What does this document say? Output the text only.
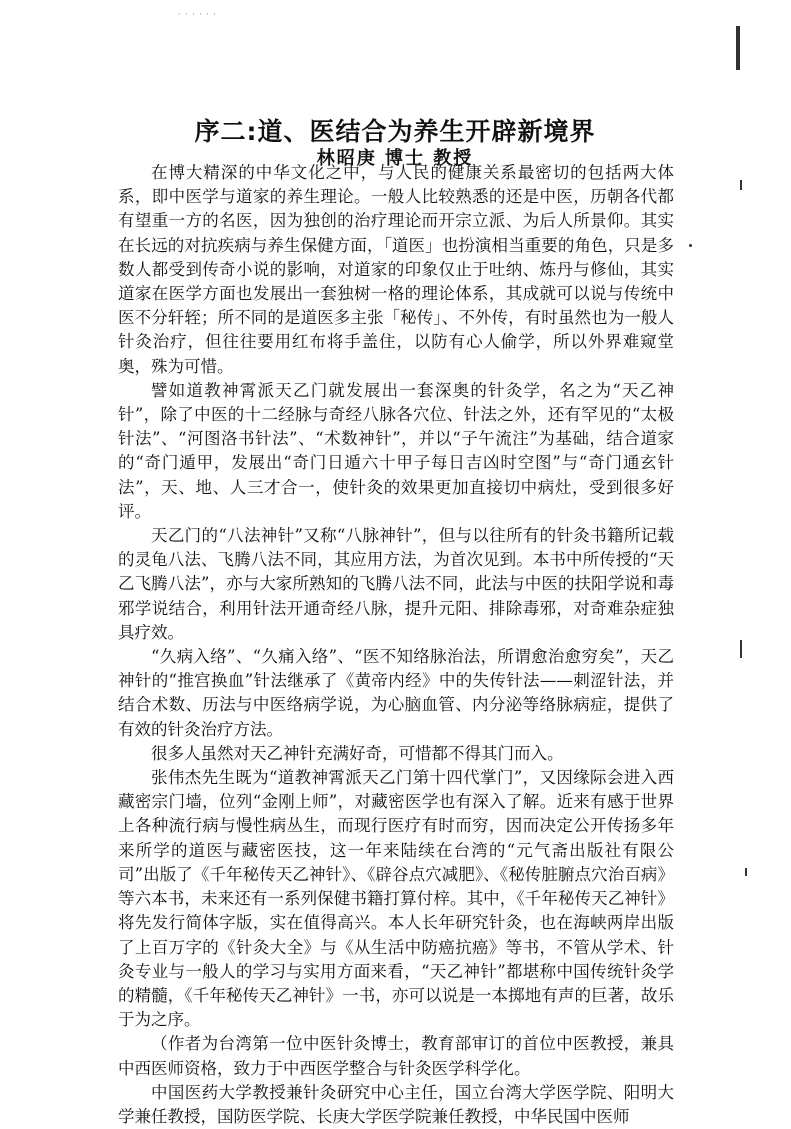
· · · · · ·
序二:道、医结合为养生开辟新境界
林昭庚 博士 教授

在博大精深的中华文化之中，与人民的健康关系最密切的包括两大体系，即中医学与道家的养生理论。一般人比较熟悉的还是中医，历朝各代都有望重一方的名医，因为独创的治疗理论而开宗立派、为后人所景仰。其实在长远的对抗疾病与养生保健方面，「道医」也扮演相当重要的角色，只是多数人都受到传奇小说的影响，对道家的印象仅止于吐纳、炼丹与修仙，其实道家在医学方面也发展出一套独树一格的理论体系，其成就可以说与传统中医不分轩轾；所不同的是道医多主张「秘传」、不外传，有时虽然也为一般人针灸治疗，但往往要用红布将手盖住，以防有心人偷学，所以外界难窥堂奥，殊为可惜。

譬如道教神霄派天乙门就发展出一套深奥的针灸学，名之为“天乙神针”，除了中医的十二经脉与奇经八脉各穴位、针法之外，还有罕见的“太极针法”、“河图洛书针法”、“术数神针”，并以“子午流注”为基础，结合道家的“奇门遁甲，发展出“奇门日遁六十甲子每日吉凶时空图”与“奇门通玄针法”，天、地、人三才合一，使针灸的效果更加直接切中病灶，受到很多好评。

天乙门的“八法神针”又称“八脉神针”，但与以往所有的针灸书籍所记载的灵龟八法、飞腾八法不同，其应用方法，为首次见到。本书中所传授的“天乙飞腾八法”，亦与大家所熟知的飞腾八法不同，此法与中医的扶阳学说和毒邪学说结合，利用针法开通奇经八脉，提升元阳、排除毒邪，对奇难杂症独具疗效。

“久病入络”、“久痛入络”、“医不知络脉治法，所谓愈治愈穷矣”，天乙神针的“推宫换血”针法继承了《黄帝内经》中的失传针法——刺涩针法，并结合术数、历法与中医络病学说，为心脑血管、内分泌等络脉病症，提供了有效的针灸治疗方法。

很多人虽然对天乙神针充满好奇，可惜都不得其门而入。

张伟杰先生既为“道教神霄派天乙门第十四代掌门”，又因缘际会进入西藏密宗门墙，位列“金刚上师”，对藏密医学也有深入了解。近来有感于世界上各种流行病与慢性病丛生，而现行医疗有时而穷，因而决定公开传扬多年来所学的道医与藏密医技，这一年来陆续在台湾的“元气斋出版社有限公司”出版了《千年秘传天乙神针》、《辟谷点穴减肥》、《秘传脏腑点穴治百病》等六本书，未来还有一系列保健书籍打算付梓。其中，《千年秘传天乙神针》将先发行简体字版，实在值得高兴。本人长年研究针灸，也在海峡两岸出版了上百万字的《针灸大全》与《从生活中防癌抗癌》等书，不管从学术、针灸专业与一般人的学习与实用方面来看，“天乙神针”都堪称中国传统针灸学的精髓，《千年秘传天乙神针》一书，亦可以说是一本掷地有声的巨著，故乐于为之序。

（作者为台湾第一位中医针灸博士，教育部审订的首位中医教授，兼具中西医师资格，致力于中西医学整合与针灸医学科学化。

中国医药大学教授兼针灸研究中心主任，国立台湾大学医学院、阳明大学兼任教授，国防医学院、长庚大学医学院兼任教授，中华民国中医师
